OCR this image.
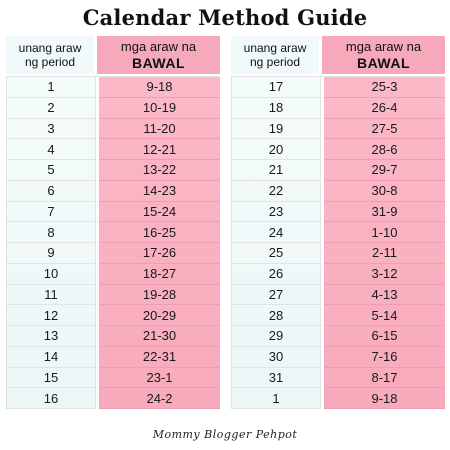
Calendar Method Guide
unang araw
ng period
mga araw na
BAWAL
1
2
3
4
5
6
7
8
9
10
11
12
13
14
15
16
9-18
10-19
11-20
12-21
13-22
14-23
15-24
16-25
17-26
18-27
19-28
20-29
21-30
22-31
23-1
24-2
unang araw
ng period
mga araw na
BAWAL
17
18
19
20
21
22
23
24
25
26
27
28
29
30
31
1
25-3
26-4
27-5
28-6
29-7
30-8
31-9
1-10
2-11
3-12
4-13
5-14
6-15
7-16
8-17
9-18
Mommy Blogger Pehpot
